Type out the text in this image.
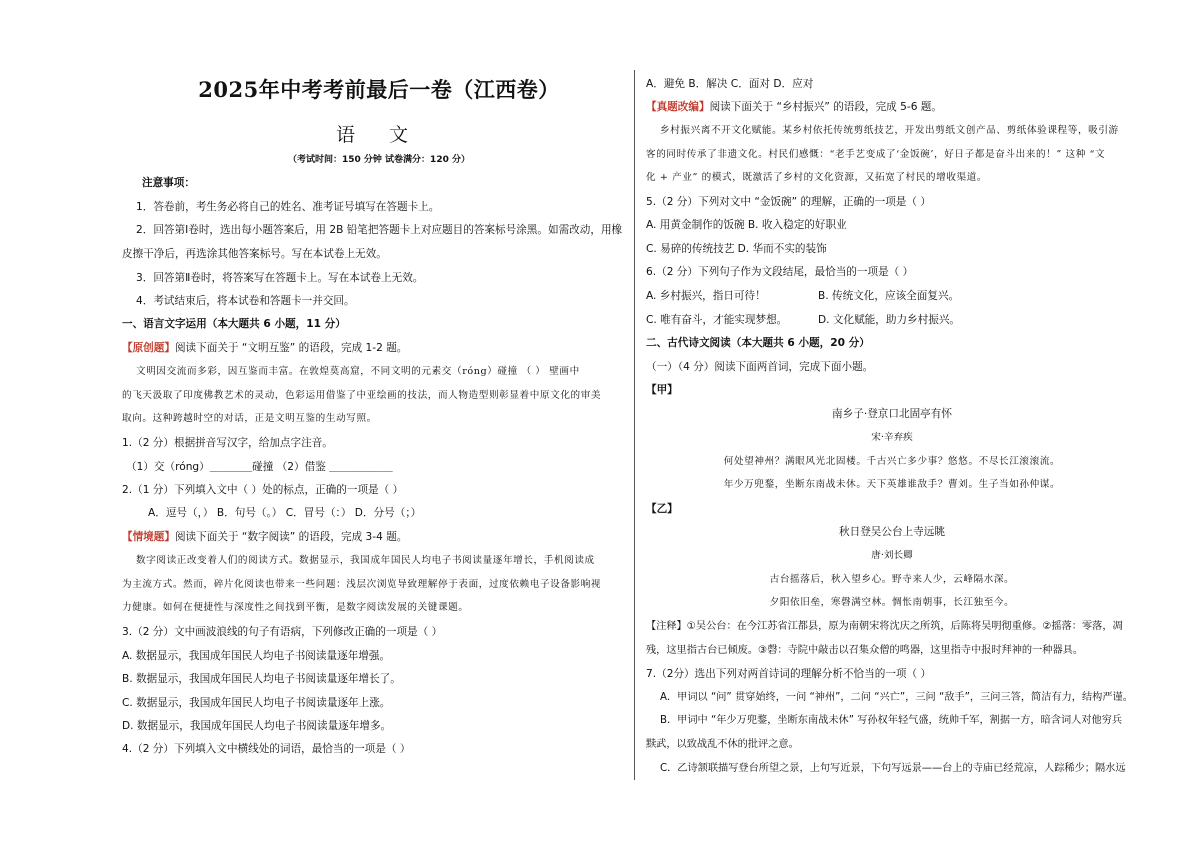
2025年中考考前最后一卷（江西卷）
语 文
（考试时间：150 分钟 试卷满分：120 分）
注意事项：
1．答卷前，考生务必将自己的姓名、准考证号填写在答题卡上。
2．回答第Ⅰ卷时，选出每小题答案后，用 2B 铅笔把答题卡上对应题目的答案标号涂黑。如需改动，用橡
皮擦干净后，再选涂其他答案标号。写在本试卷上无效。
3．回答第Ⅱ卷时，将答案写在答题卡上。写在本试卷上无效。
4．考试结束后，将本试卷和答题卡一并交回。
一、语言文字运用（本大题共 6 小题，11 分）
【原创题】阅读下面关于 “文明互鉴” 的语段，完成 1-2 题。
文明因交流而多彩，因互鉴而丰富。在敦煌莫高窟，不同文明的元素交（róng）碰撞 （ ） 壁画中
的飞天汲取了印度佛教艺术的灵动，色彩运用借鉴了中亚绘画的技法，而人物造型则彰显着中原文化的审美
取向。这种跨越时空的对话，正是文明互鉴的生动写照。
1.（2 分）根据拼音写汉字，给加点字注音。
（1）交（róng）＿＿＿＿碰撞 （2）借鉴 ＿＿＿＿＿＿
2.（1 分）下列填入文中（ ）处的标点，正确的一项是（ ）
A．逗号（，） B．句号（。） C．冒号（：） D．分号（；）
【情境题】阅读下面关于 “数字阅读” 的语段，完成 3-4 题。
数字阅读正改变着人们的阅读方式。数据显示，我国成年国民人均电子书阅读量逐年增长，手机阅读成
为主流方式。然而，碎片化阅读也带来一些问题：浅层次浏览导致理解停于表面，过度依赖电子设备影响视
力健康。如何在便捷性与深度性之间找到平衡，是数字阅读发展的关键课题。
3.（2 分）文中画波浪线的句子有语病，下列修改正确的一项是（ ）
A. 数据显示，我国成年国民人均电子书阅读量逐年增强。
B. 数据显示，我国成年国民人均电子书阅读量逐年增长了。
C. 数据显示，我国成年国民人均电子书阅读量逐年上涨。
D. 数据显示，我国成年国民人均电子书阅读量逐年增多。
4.（2 分）下列填入文中横线处的词语，最恰当的一项是（ ）
A．避免 B．解决 C．面对 D．应对
【真题改编】阅读下面关于 “乡村振兴” 的语段，完成 5-6 题。
乡村振兴离不开文化赋能。某乡村依托传统剪纸技艺，开发出剪纸文创产品、剪纸体验课程等，吸引游
客的同时传承了非遗文化。村民们感慨：“老手艺变成了‘金饭碗’，好日子都是奋斗出来的！” 这种 “文
化 + 产业” 的模式，既激活了乡村的文化资源，又拓宽了村民的增收渠道。
5.（2 分）下列对文中 “金饭碗” 的理解，正确的一项是（ ）
A. 用黄金制作的饭碗 B. 收入稳定的好职业
C. 易碎的传统技艺 D. 华而不实的装饰
6.（2 分）下列句子作为文段结尾，最恰当的一项是（ ）
A. 乡村振兴，指日可待！	B. 传统文化，应该全面复兴。
C. 唯有奋斗，才能实现梦想。	D. 文化赋能，助力乡村振兴。
二、古代诗文阅读（本大题共 6 小题，20 分）
（一）（4 分）阅读下面两首词，完成下面小题。
【甲】
南乡子·登京口北固亭有怀
宋·辛弃疾
何处望神州？满眼风光北固楼。千古兴亡多少事？悠悠。不尽长江滚滚流。
年少万兜鍪，坐断东南战未休。天下英雄谁敌手？曹刘。生子当如孙仲谋。
【乙】
秋日登吴公台上寺远眺
唐·刘长卿
古台摇落后，秋入望乡心。野寺来人少，云峰隔水深。
夕阳依旧垒，寒磬满空林。惆怅南朝事，长江独至今。
【注释】①吴公台：在今江苏省江都县，原为南朝宋将沈庆之所筑，后陈将吴明彻重修。②摇落：零落，凋
残，这里指古台已倾废。③磬：寺院中敲击以召集众僧的鸣器，这里指寺中报时拜神的一种器具。
7.（2分）选出下列对两首诗词的理解分析不恰当的一项（ ）
A．甲词以 “问” 贯穿始终，一问 “神州”，二问 “兴亡”，三问 “敌手”，三问三答，简洁有力，结构严谨。
B．甲词中 “年少万兜鍪，坐断东南战未休” 写孙权年轻气盛，统帅千军，割据一方，暗含词人对他穷兵
黩武，以致战乱不休的批评之意。
C．乙诗颔联描写登台所望之景，上句写近景，下句写远景——台上的寺庙已经荒凉，人踪稀少；隔水远
